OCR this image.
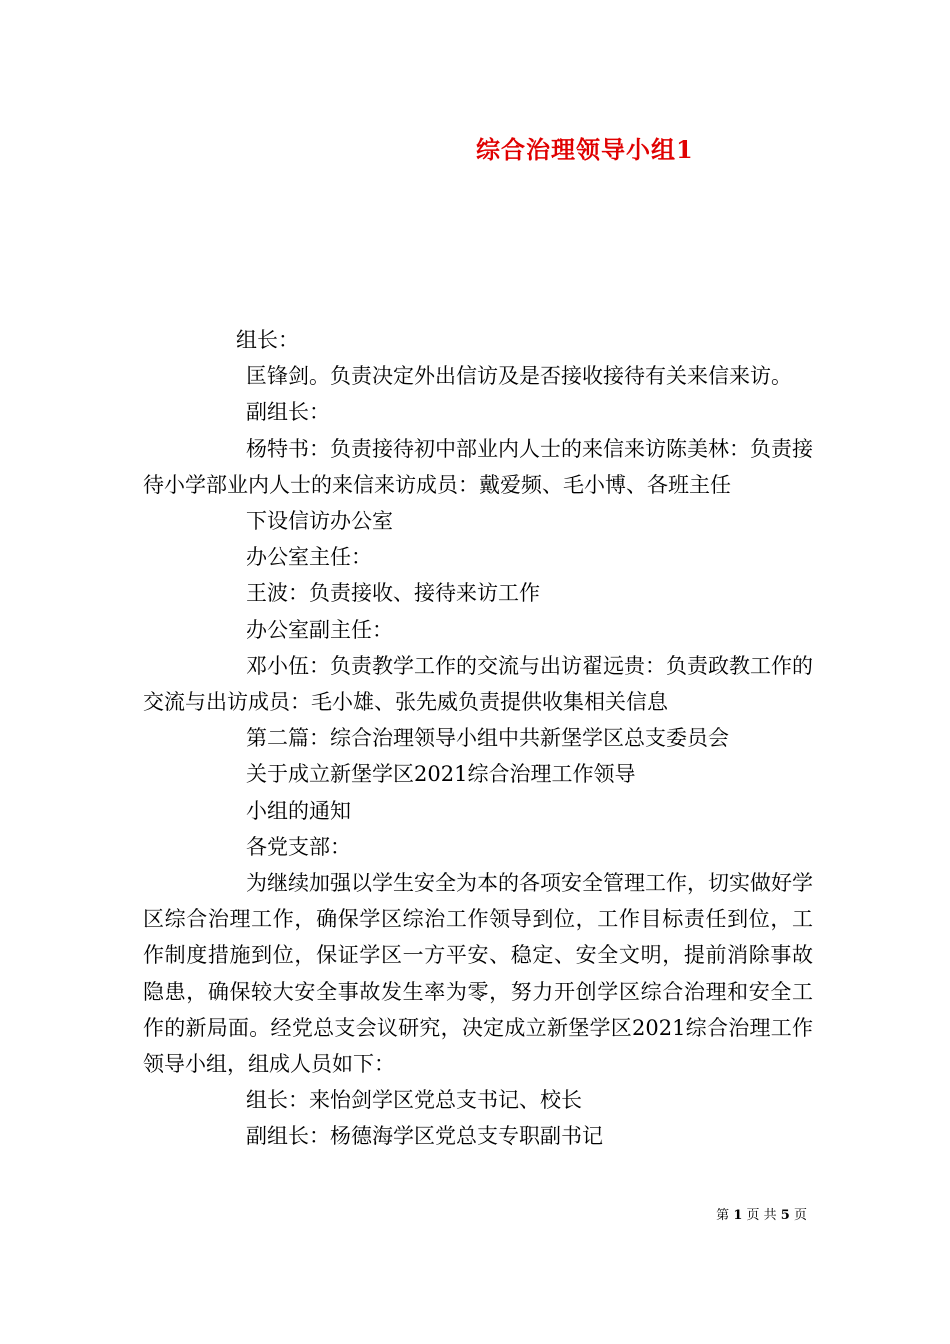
综合治理领导小组1

组长：

匡锋剑。负责决定外出信访及是否接收接待有关来信来访。

副组长：

杨特书：负责接待初中部业内人士的来信来访陈美林：负责接待小学部业内人士的来信来访成员：戴爱频、毛小博、各班主任

下设信访办公室

办公室主任：

王波：负责接收、接待来访工作

办公室副主任：

邓小伍：负责教学工作的交流与出访翟远贵：负责政教工作的交流与出访成员：毛小雄、张先威负责提供收集相关信息

第二篇：综合治理领导小组中共新堡学区总支委员会

关于成立新堡学区2021综合治理工作领导

小组的通知

各党支部：

为继续加强以学生安全为本的各项安全管理工作，切实做好学区综合治理工作，确保学区综治工作领导到位，工作目标责任到位，工作制度措施到位，保证学区一方平安、稳定、安全文明，提前消除事故隐患，确保较大安全事故发生率为零，努力开创学区综合治理和安全工作的新局面。经党总支会议研究，决定成立新堡学区2021综合治理工作领导小组，组成人员如下：

组长：来怡剑学区党总支书记、校长

副组长：杨德海学区党总支专职副书记

第 1 页 共 5 页
